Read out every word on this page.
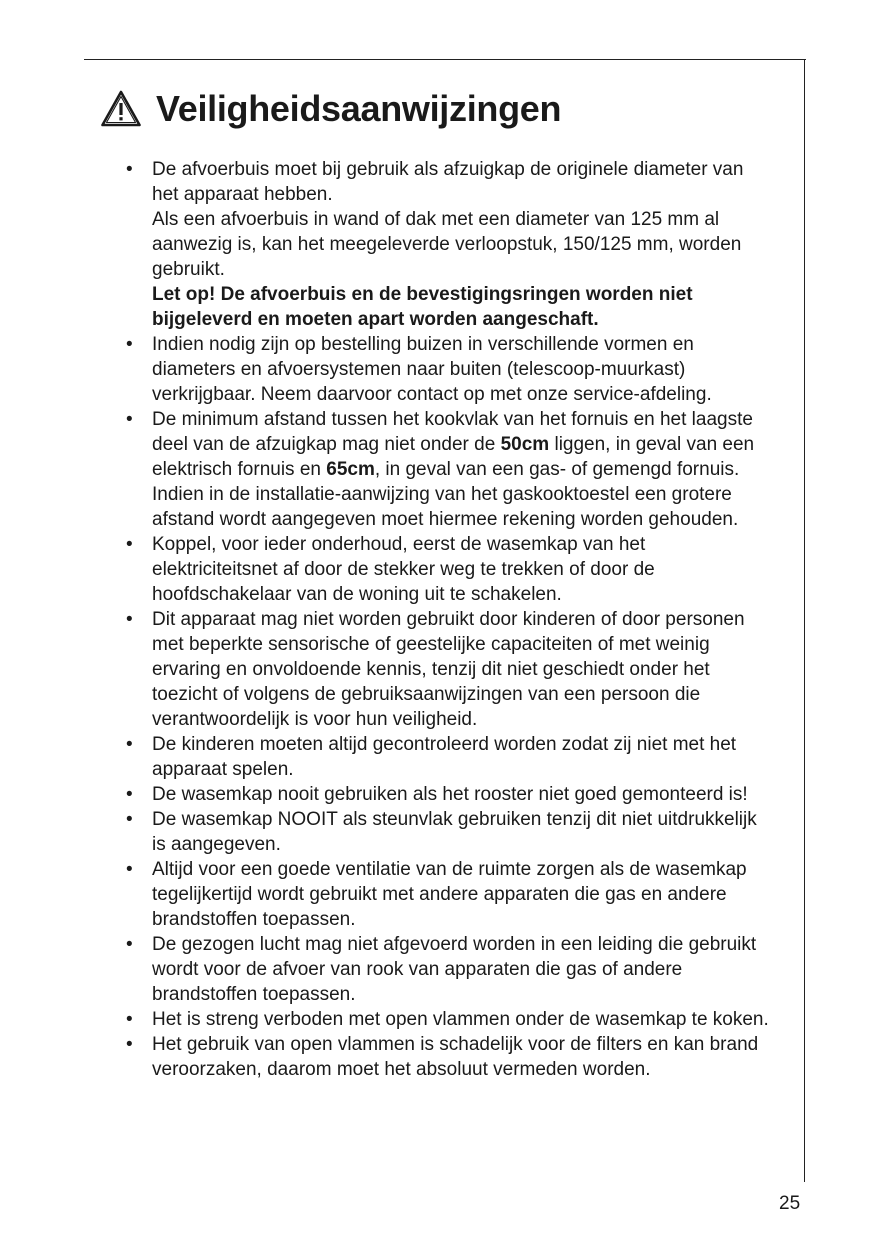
Veiligheidsaanwijzingen

• De afvoerbuis moet bij gebruik als afzuigkap de originele diameter van het apparaat hebben.

Als een afvoerbuis in wand of dak met een diameter van 125 mm al aanwezig is, kan het meegeleverde verloopstuk, 150/125 mm, worden gebruikt.

Let op! De afvoerbuis en de bevestigingsringen worden niet bijgeleverd en moeten apart worden aangeschaft.

• Indien nodig zijn op bestelling buizen in verschillende vormen en diameters en afvoersystemen naar buiten (telescoop-muurkast) verkrijgbaar. Neem daarvoor contact op met onze service-afdeling.

• De minimum afstand tussen het kookvlak van het fornuis en het laagste deel van de afzuigkap mag niet onder de 50cm liggen, in geval van een elektrisch fornuis en 65cm, in geval van een gas- of gemengd fornuis.

Indien in de installatie-aanwijzing van het gaskooktoestel een grotere afstand wordt aangegeven moet hiermee rekening worden gehouden.

• Koppel, voor ieder onderhoud, eerst de wasemkap van het elektriciteitsnet af door de stekker weg te trekken of door de hoofdschakelaar van de woning uit te schakelen.

• Dit apparaat mag niet worden gebruikt door kinderen of door personen met beperkte sensorische of geestelijke capaciteiten of met weinig ervaring en onvoldoende kennis, tenzij dit niet geschiedt onder het toezicht of volgens de gebruiksaanwijzingen van een persoon die verantwoordelijk is voor hun veiligheid.

• De kinderen moeten altijd gecontroleerd worden zodat zij niet met het apparaat spelen.

• De wasemkap nooit gebruiken als het rooster niet goed gemonteerd is!

• De wasemkap NOOIT als steunvlak gebruiken tenzij dit niet uitdrukkelijk is aangegeven.

• Altijd voor een goede ventilatie van de ruimte zorgen als de wasemkap tegelijkertijd wordt gebruikt met andere apparaten die gas en andere brandstoffen toepassen.

• De gezogen lucht mag niet afgevoerd worden in een leiding die gebruikt wordt voor de afvoer van rook van apparaten die gas of andere brandstoffen toepassen.

• Het is streng verboden met open vlammen onder de wasemkap te koken.

• Het gebruik van open vlammen is schadelijk voor de filters en kan brand veroorzaken, daarom moet het absoluut vermeden worden.

25
